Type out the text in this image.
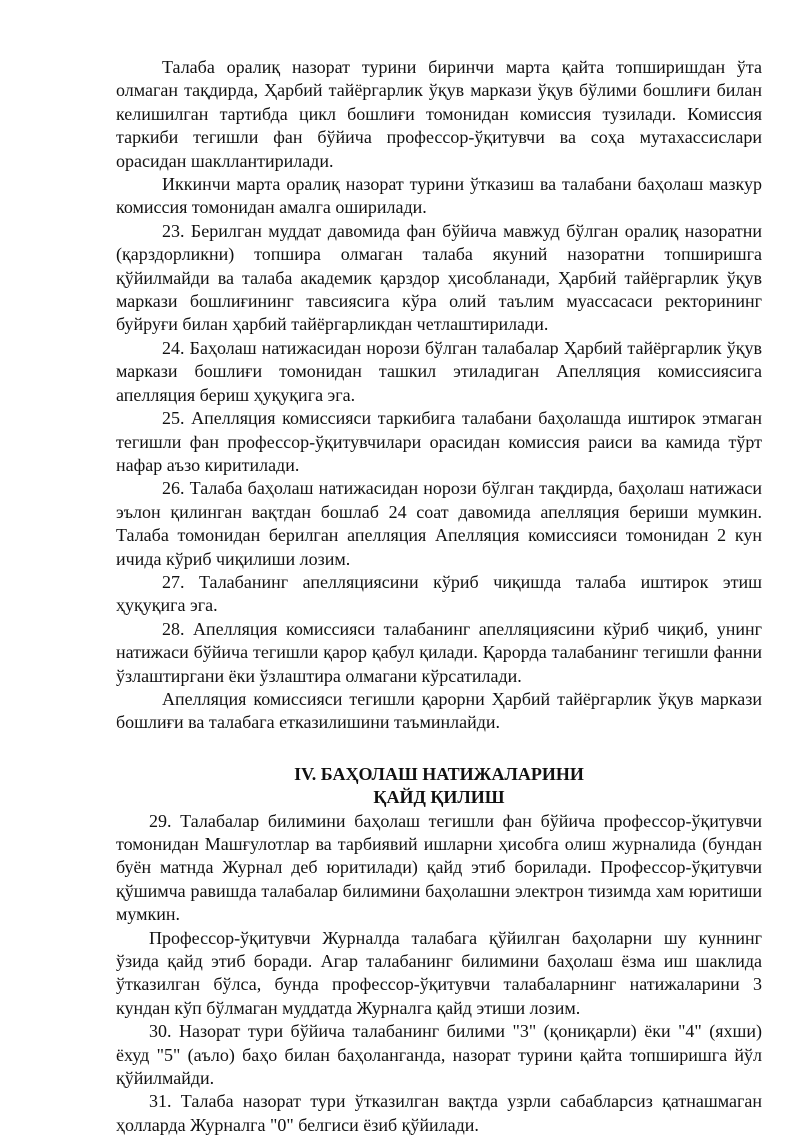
Талаба оралиқ назорат турини биринчи марта қайта топширишдан ўта олмаган тақдирда, Ҳарбий тайёргарлик ўқув маркази ўқув бўлими бошлиғи билан келишилган тартибда цикл бошлиғи томонидан комиссия тузилади. Комиссия таркиби тегишли фан бўйича профессор-ўқитувчи ва соҳа мутахассислари орасидан шакллантирилади.

Иккинчи марта оралиқ назорат турини ўтказиш ва талабани баҳолаш мазкур комиссия томонидан амалга оширилади.

23. Берилган муддат давомида фан бўйича мавжуд бўлган оралиқ назоратни (қарздорликни) топшира олмаган талаба якуний назоратни топширишга қўйилмайди ва талаба академик қарздор ҳисобланади, Ҳарбий тайёргарлик ўқув маркази бошлиғининг тавсиясига кўра олий таълим муассасаси ректорининг буйруғи билан ҳарбий тайёргарликдан четлаштирилади.

24. Баҳолаш натижасидан норози бўлган талабалар Ҳарбий тайёргарлик ўқув маркази бошлиғи томонидан ташкил этиладиган Апелляция комиссиясига апелляция бериш ҳуқуқига эга.

25. Апелляция комиссияси таркибига талабани баҳолашда иштирок этмаган тегишли фан профессор-ўқитувчилари орасидан комиссия раиси ва камида тўрт нафар аъзо киритилади.

26. Талаба баҳолаш натижасидан норози бўлган тақдирда, баҳолаш натижаси эълон қилинган вақтдан бошлаб 24 соат давомида апелляция бериши мумкин. Талаба томонидан берилган апелляция Апелляция комиссияси томонидан 2 кун ичида кўриб чиқилиши лозим.

27. Талабанинг апелляциясини кўриб чиқишда талаба иштирок этиш ҳуқуқига эга.

28. Апелляция комиссияси талабанинг апелляциясини кўриб чиқиб, унинг натижаси бўйича тегишли қарор қабул қилади. Қарорда талабанинг тегишли фанни ўзлаштиргани ёки ўзлаштира олмагани кўрсатилади.

Апелляция комиссияси тегишли қарорни Ҳарбий тайёргарлик ўқув маркази бошлиғи ва талабага етказилишини таъминлайди.

IV. БАҲОЛАШ НАТИЖАЛАРИНИ

ҚАЙД ҚИЛИШ

29. Талабалар билимини баҳолаш тегишли фан бўйича профессор-ўқитувчи томонидан Машғулотлар ва тарбиявий ишларни ҳисобга олиш журналида (бундан буён матнда Журнал деб юритилади) қайд этиб борилади. Профессор-ўқитувчи қўшимча равишда талабалар билимини баҳолашни электрон тизимда хам юритиши мумкин.

Профессор-ўқитувчи Журналда талабага қўйилган баҳоларни шу куннинг ўзида қайд этиб боради. Агар талабанинг билимини баҳолаш ёзма иш шаклида ўтказилган бўлса, бунда профессор-ўқитувчи талабаларнинг натижаларини 3 кундан кўп бўлмаган муддатда Журналга қайд этиши лозим.

30. Назорат тури бўйича талабанинг билими "3" (қониқарли) ёки "4" (яхши) ёхуд "5" (аъло) баҳо билан баҳоланганда, назорат турини қайта топширишга йўл қўйилмайди.

31. Талаба назорат тури ўтказилган вақтда узрли сабабларсиз қатнашмаган ҳолларда Журналга "0" белгиси ёзиб қўйилади.
